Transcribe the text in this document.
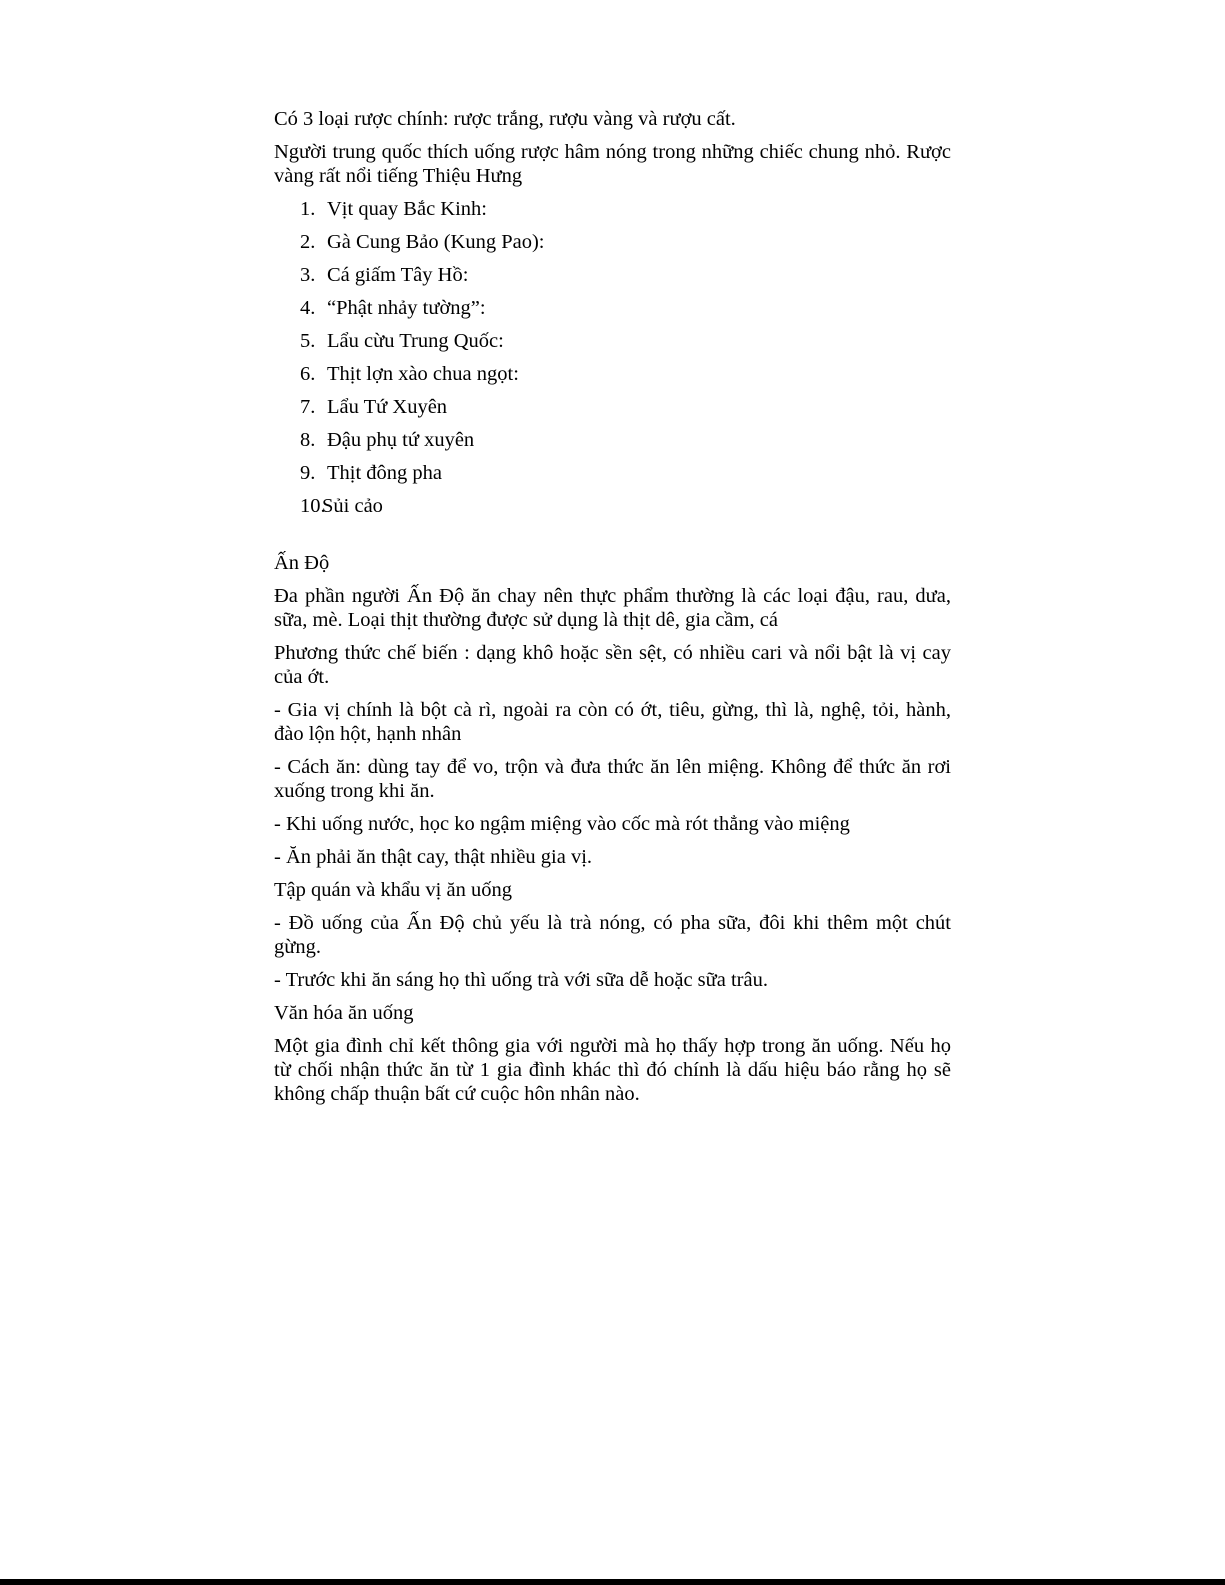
Có 3 loại rược chính: rược trắng, rượu vàng và rượu cất.

Người trung quốc thích uống rược hâm nóng trong những chiếc chung nhỏ. Rược vàng rất nổi tiếng Thiệu Hưng

1. Vịt quay Bắc Kinh:
2. Gà Cung Bảo (Kung Pao):
3. Cá giấm Tây Hồ:
4. “Phật nhảy tường”:
5. Lẩu cừu Trung Quốc:
6. Thịt lợn xào chua ngọt:
7. Lẩu Tứ Xuyên
8. Đậu phụ tứ xuyên
9. Thịt đông pha
10.
Sủi cảo

Ấn Độ

Đa phần người Ấn Độ ăn chay nên thực phẩm thường là các loại đậu, rau, dưa, sữa, mè. Loại thịt thường được sử dụng là thịt dê, gia cầm, cá

Phương thức chế biến : dạng khô hoặc sền sệt, có nhiều cari và nổi bật là vị cay của ớt.

- Gia vị chính là bột cà rì, ngoài ra còn có ớt, tiêu, gừng, thì là, nghệ, tỏi, hành, đào lộn hột, hạnh nhân

- Cách ăn: dùng tay để vo, trộn và đưa thức ăn lên miệng. Không để thức ăn rơi xuống trong khi ăn.

- Khi uống nước, học ko ngậm miệng vào cốc mà rót thẳng vào miệng

- Ăn phải ăn thật cay, thật nhiều gia vị.

Tập quán và khẩu vị ăn uống

- Đồ uống của Ấn Độ chủ yếu là trà nóng, có pha sữa, đôi khi thêm một chút gừng.

- Trước khi ăn sáng họ thì uống trà với sữa dễ hoặc sữa trâu.

Văn hóa ăn uống

Một gia đình chỉ kết thông gia với người mà họ thấy hợp trong ăn uống. Nếu họ từ chối nhận thức ăn từ 1 gia đình khác thì đó chính là dấu hiệu báo rằng họ sẽ không chấp thuận bất cứ cuộc hôn nhân nào.
